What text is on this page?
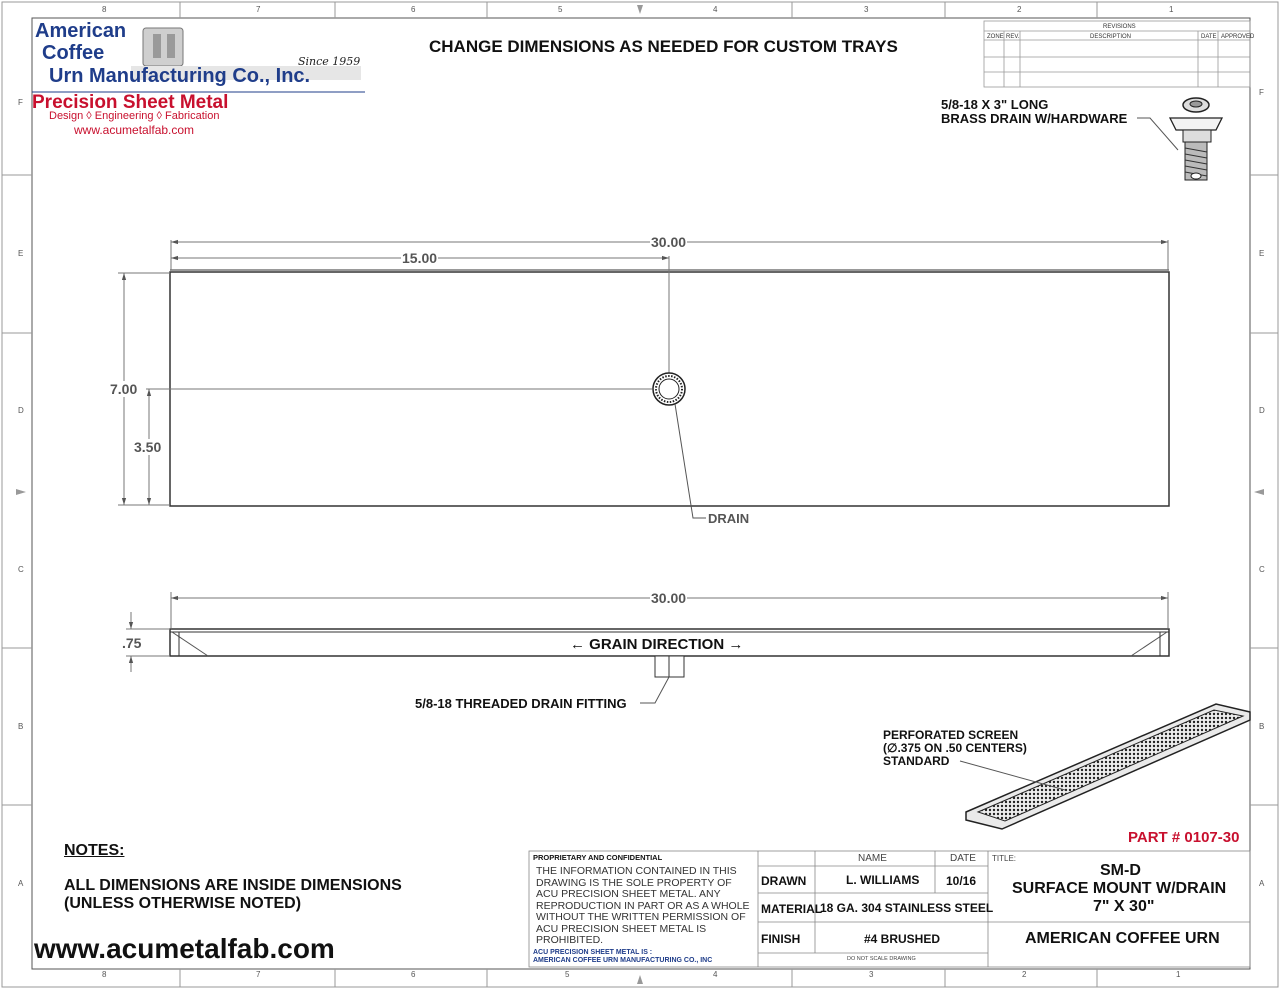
8	7	6	5	4	3	2	1
8	7	6	5	4	3	2	1
F
E
D
C
B
A
F
E
D
C
B
A
American
Coffee
Urn Manufacturing Co., Inc.
Since 1959
Precision Sheet Metal
Design ◊ Engineering ◊ Fabrication
www.acumetalfab.com
CHANGE DIMENSIONS AS NEEDED FOR CUSTOM TRAYS
REVISIONS
ZONE REV.	DESCRIPTION	DATE APPROVED
5/8-18 X 3" LONG
BRASS DRAIN W/HARDWARE
30.00
15.00
7.00
3.50
DRAIN
30.00
.75	← GRAIN DIRECTION →
5/8-18 THREADED DRAIN FITTING
PERFORATED SCREEN
(∅.375 ON .50 CENTERS)
STANDARD
PART # 0107-30
NOTES:
ALL DIMENSIONS ARE INSIDE DIMENSIONS
(UNLESS OTHERWISE NOTED)
www.acumetalfab.com
PROPRIETARY AND CONFIDENTIAL
THE INFORMATION CONTAINED IN THIS DRAWING IS THE SOLE PROPERTY OF ACU PRECISION SHEET METAL. ANY REPRODUCTION IN PART OR AS A WHOLE WITHOUT THE WRITTEN PERMISSION OF ACU PRECISION SHEET METAL IS PROHIBITED.
ACU PRECISION SHEET METAL IS :
AMERICAN COFFEE URN MANUFACTURING CO., INC
NAME	DATE TITLE:
DRAWN	L. WILLIAMS 10/16
MATERIAL
18 GA. 304 STAINLESS STEEL
FINISH	#4 BRUSHED
DO NOT SCALE DRAWING
SM-D
SURFACE MOUNT W/DRAIN
7" X 30"
AMERICAN COFFEE URN
